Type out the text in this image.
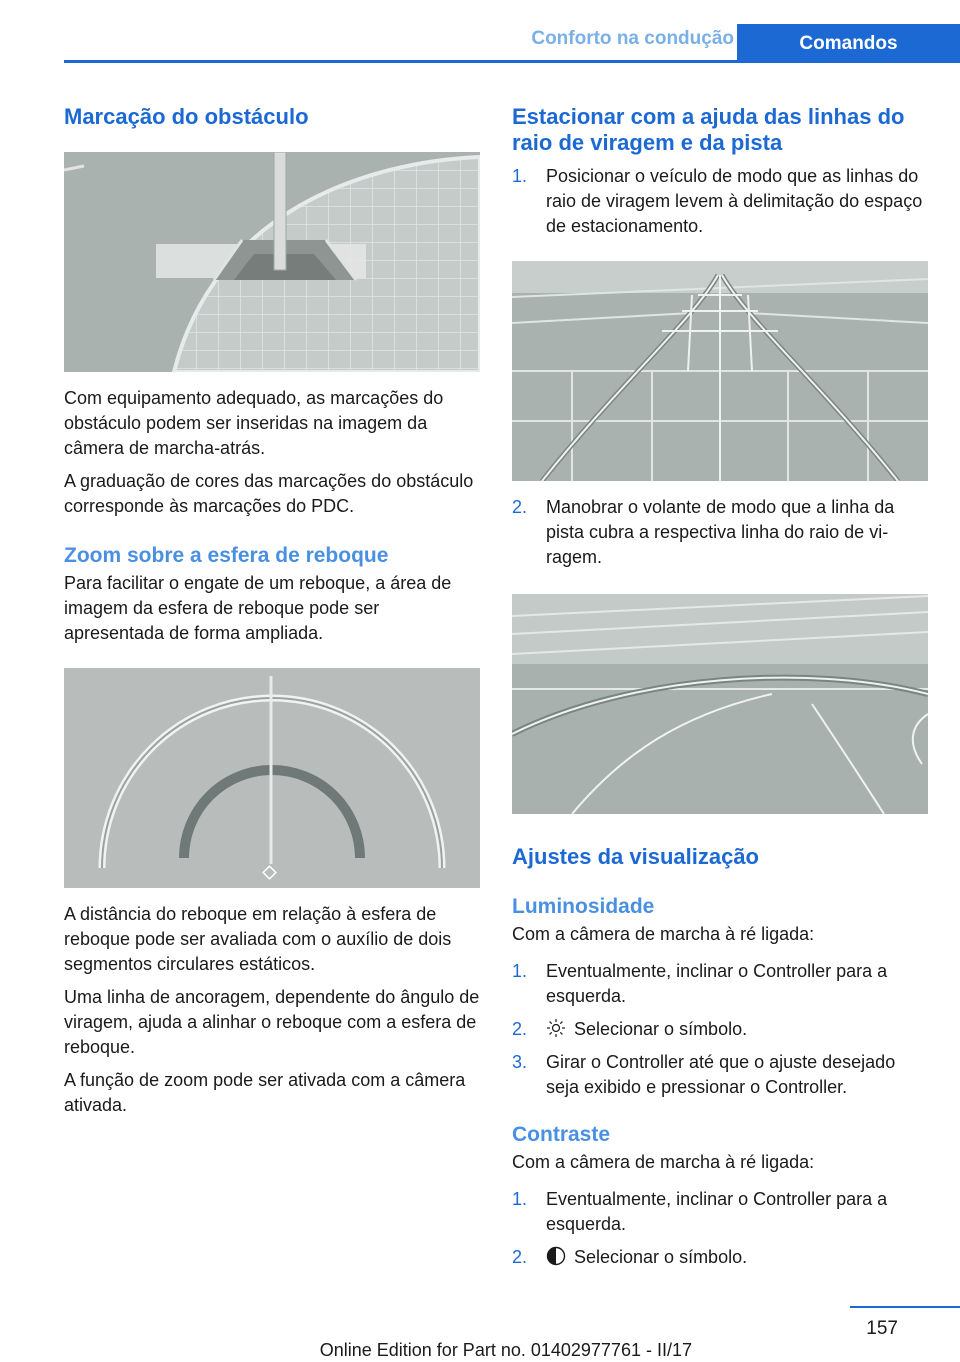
Conforto na condução	Comandos
Marcação do obstáculo

Com equipamento adequado, as marcações do obstáculo podem ser inseridas na imagem da câmera de marcha-atrás.

A graduação de cores das marcações do obstáculo corresponde às marcações do PDC.

Zoom sobre a esfera de reboque

Para facilitar o engate de um reboque, a área de imagem da esfera de reboque pode ser apresentada de forma ampliada.

A distância do reboque em relação à esfera de reboque pode ser avaliada com o auxílio de dois segmentos circulares estáticos.

Uma linha de ancoragem, dependente do ângulo de viragem, ajuda a alinhar o reboque com a esfera de reboque.

A função de zoom pode ser ativada com a câmera ativada.

Estacionar com a ajuda das linhas do raio de viragem e da pista
1.	Posicionar o veículo de modo que as linhas do raio de viragem levem à delimitação do espaço de estacionamento.
2.	Manobrar o volante de modo que a linha da pista cubra a respectiva linha do raio de viragem.
Ajustes da visualização
Luminosidade

Com a câmera de marcha à ré ligada:

1.	Eventualmente, inclinar o Controller para a esquerda.
2.	Selecionar o símbolo.
3.	Girar o Controller até que o ajuste desejado seja exibido e pressionar o Controller.
Contraste

Com a câmera de marcha à ré ligada:

1.	Eventualmente, inclinar o Controller para a esquerda.
2.	Selecionar o símbolo.
157
Online Edition for Part no. 01402977761 - II/17
